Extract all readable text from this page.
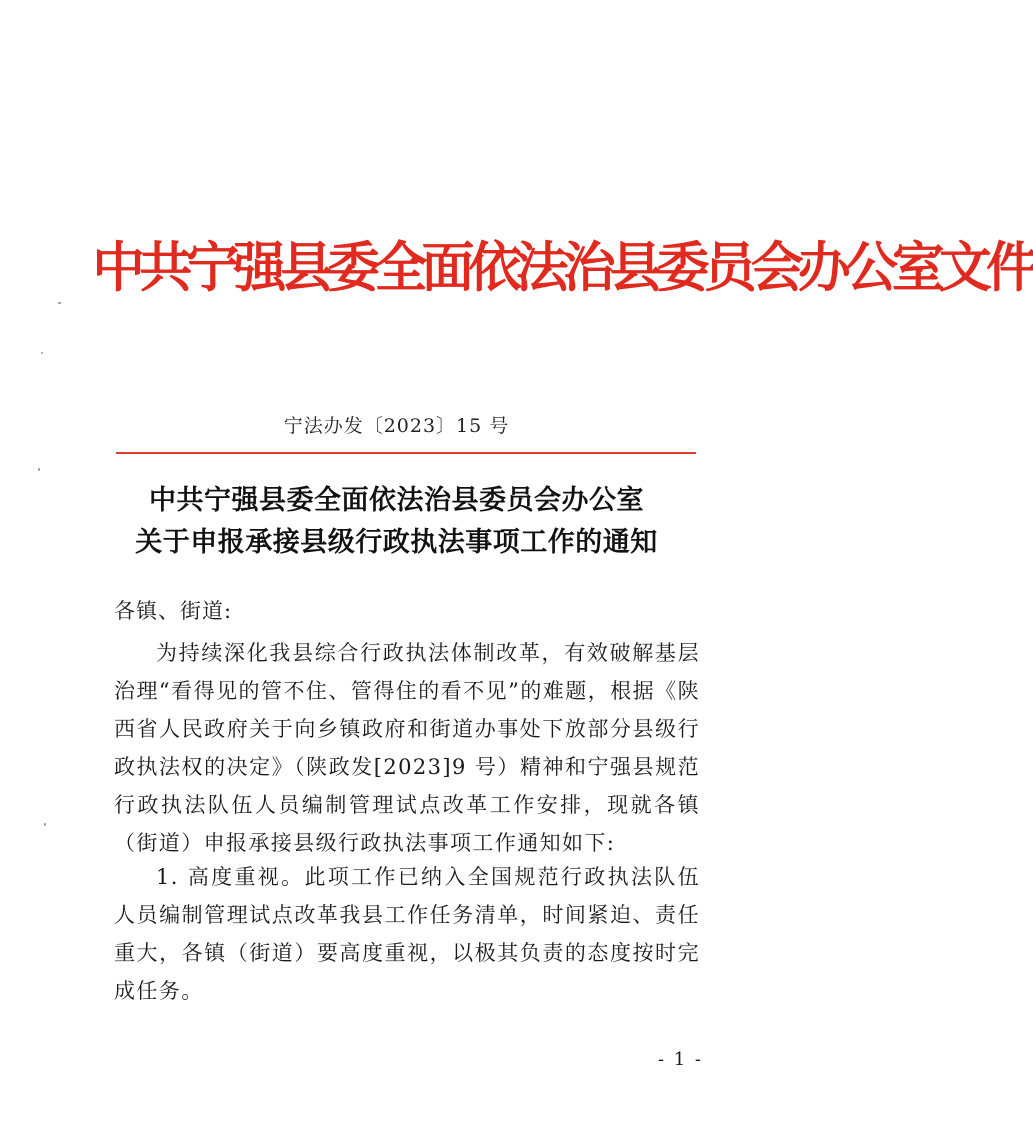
中共宁强县委全面依法治县委员会办公室文件
宁法办发〔2023〕15 号
中共宁强县委全面依法治县委员会办公室
关于申报承接县级行政执法事项工作的通知
各镇、街道:
为持续深化我县综合行政执法体制改革，有效破解基层治理“看得见的管不住、管得住的看不见”的难题，根据《陕西省人民政府关于向乡镇政府和街道办事处下放部分县级行政执法权的决定》（陕政发[2023]9 号）精神和宁强县规范行政执法队伍人员编制管理试点改革工作安排，现就各镇（街道）申报承接县级行政执法事项工作通知如下:
1. 高度重视。此项工作已纳入全国规范行政执法队伍人员编制管理试点改革我县工作任务清单，时间紧迫、责任重大，各镇（街道）要高度重视，以极其负责的态度按时完成任务。
- 1 -
